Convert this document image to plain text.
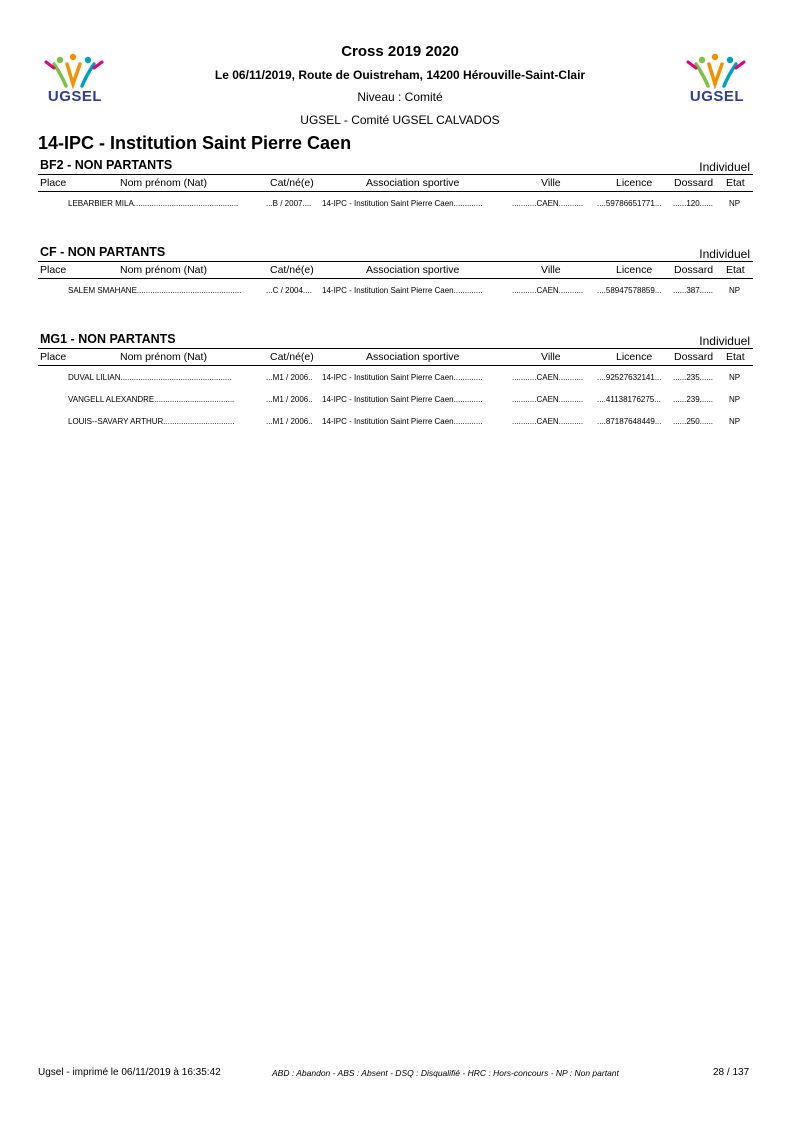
UGSEL	UGSEL
Cross 2019 2020
Le 06/11/2019, Route de Ouistreham, 14200 Hérouville-Saint-Clair
Niveau : Comité
UGSEL - Comité UGSEL CALVADOS
14-IPC - Institution Saint Pierre Caen
BF2 - NON PARTANTS	Individuel
Place	Nom prénom (Nat)	Cat/né(e)	Association sportive	Ville	Licence Dossard Etat
LEBARBIER MILA...............................................	...B / 2007.... 14-IPC - Institution Saint Pierre Caen.............	...........CAEN........... ....59786651771... ......120...... NP
CF - NON PARTANTS	Individuel
Place	Nom prénom (Nat)	Cat/né(e)	Association sportive	Ville	Licence Dossard Etat
SALEM SMAHANE...............................................	...C / 2004.... 14-IPC - Institution Saint Pierre Caen.............	...........CAEN........... ....58947578859... ......387...... NP
MG1 - NON PARTANTS	Individuel
Place	Nom prénom (Nat)	Cat/né(e)	Association sportive	Ville	Licence Dossard Etat
DUVAL LILIAN..................................................	...M1 / 2006.. 14-IPC - Institution Saint Pierre Caen.............	...........CAEN........... ....92527632141... ......235...... NP
VANGELL ALEXANDRE....................................	...M1 / 2006.. 14-IPC - Institution Saint Pierre Caen.............	...........CAEN........... ....41138176275... ......239...... NP
LOUIS--SAVARY ARTHUR................................	...M1 / 2006.. 14-IPC - Institution Saint Pierre Caen.............	...........CAEN........... ....87187648449... ......250...... NP
Ugsel - imprimé le 06/11/2019 à 16:35:42	ABD : Abandon - ABS : Absent - DSQ : Disqualifié - HRC : Hors-concours - NP : Non partant	28 / 137
